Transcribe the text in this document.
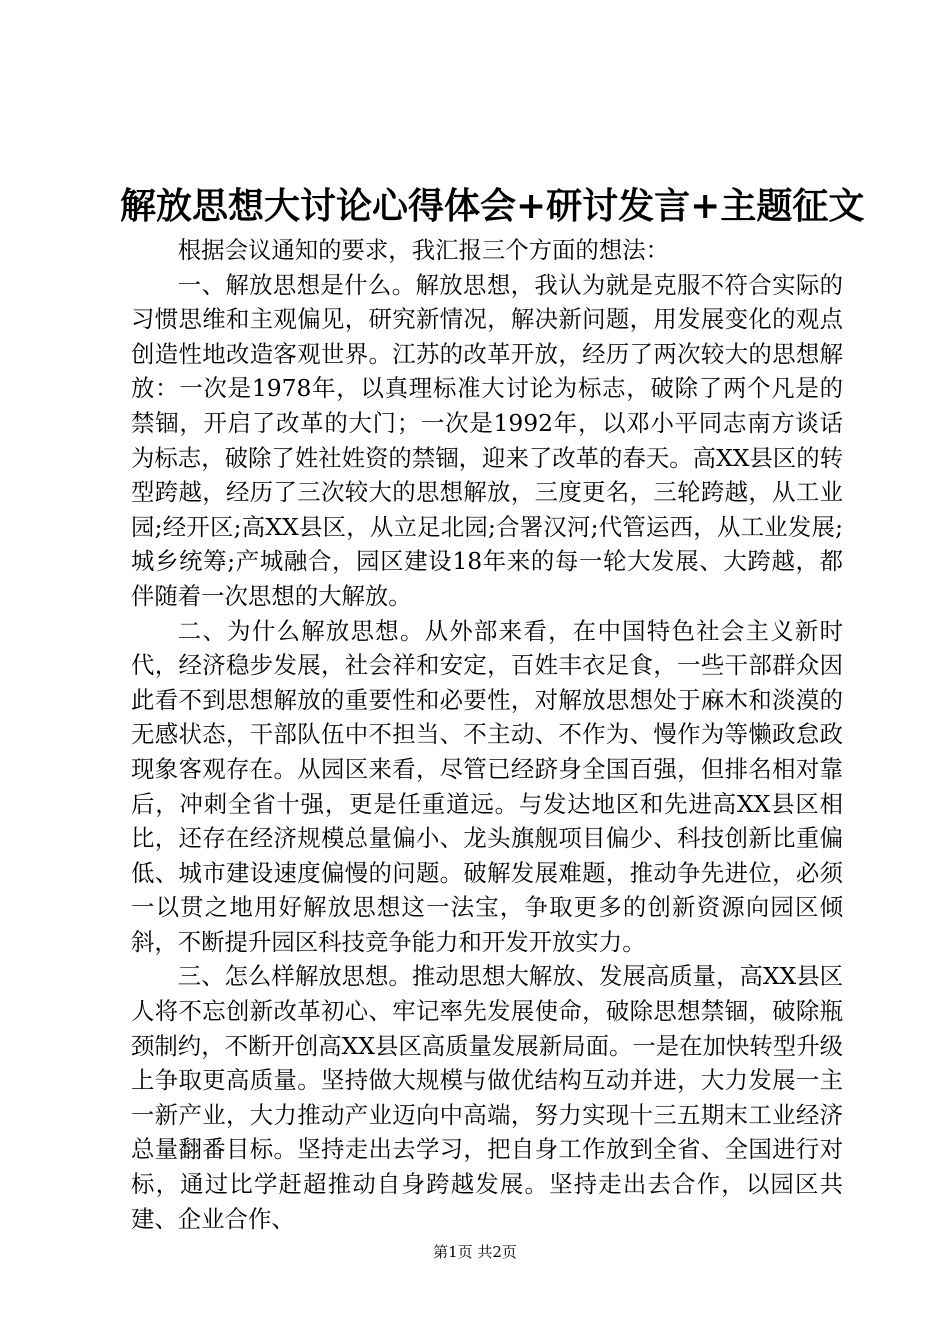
解放思想大讨论心得体会+研讨发言+主题征文

根据会议通知的要求，我汇报三个方面的想法：

一、解放思想是什么。解放思想，我认为就是克服不符合实际的习惯思维和主观偏见，研究新情况，解决新问题，用发展变化的观点创造性地改造客观世界。江苏的改革开放，经历了两次较大的思想解放：一次是1978年，以真理标准大讨论为标志，破除了两个凡是的禁锢，开启了改革的大门；一次是1992年，以邓小平同志南方谈话为标志，破除了姓社姓资的禁锢，迎来了改革的春天。高XX县区的转型跨越，经历了三次较大的思想解放，三度更名，三轮跨越，从工业园;经开区;高XX县区，从立足北园;合署汉河;代管运西，从工业发展;城乡统筹;产城融合，园区建设18年来的每一轮大发展、大跨越，都伴随着一次思想的大解放。

二、为什么解放思想。从外部来看，在中国特色社会主义新时代，经济稳步发展，社会祥和安定，百姓丰衣足食，一些干部群众因此看不到思想解放的重要性和必要性，对解放思想处于麻木和淡漠的无感状态，干部队伍中不担当、不主动、不作为、慢作为等懒政怠政现象客观存在。从园区来看，尽管已经跻身全国百强，但排名相对靠后，冲刺全省十强，更是任重道远。与发达地区和先进高XX县区相比，还存在经济规模总量偏小、龙头旗舰项目偏少、科技创新比重偏低、城市建设速度偏慢的问题。破解发展难题，推动争先进位，必须一以贯之地用好解放思想这一法宝，争取更多的创新资源向园区倾斜，不断提升园区科技竞争能力和开发开放实力。

三、怎么样解放思想。推动思想大解放、发展高质量，高XX县区人将不忘创新改革初心、牢记率先发展使命，破除思想禁锢，破除瓶颈制约，不断开创高XX县区高质量发展新局面。一是在加快转型升级上争取更高质量。坚持做大规模与做优结构互动并进，大力发展一主一新产业，大力推动产业迈向中高端，努力实现十三五期末工业经济总量翻番目标。坚持走出去学习，把自身工作放到全省、全国进行对标，通过比学赶超推动自身跨越发展。坚持走出去合作，以园区共建、企业合作、

第1页 共2页
